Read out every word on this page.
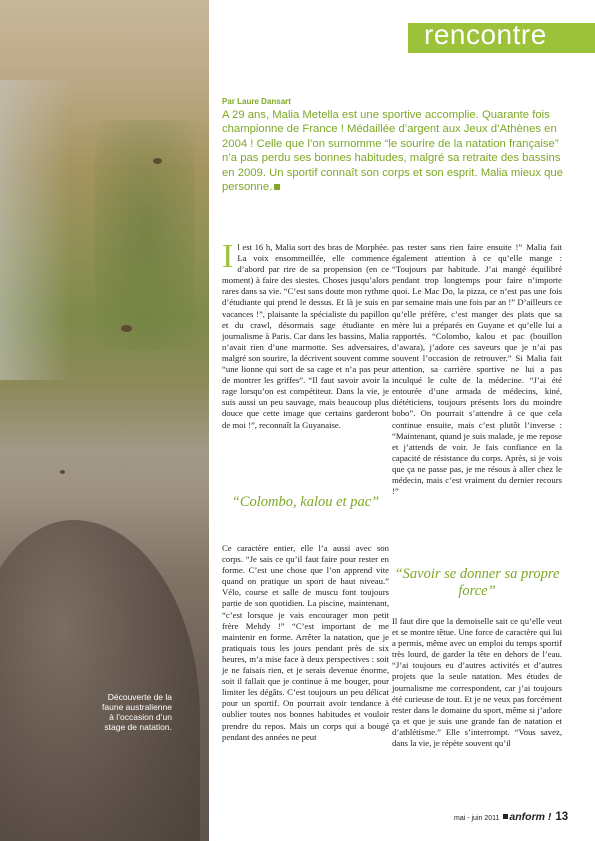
Découverte de la faune australienne à l’occasion d’un stage de natation.
rencontre
Par Laure Dansart

A 29 ans, Malia Metella est une sportive accomplie. Quarante fois championne de France ! Médaillée d’argent aux Jeux d’Athènes en 2004 ! Celle que l’on surnomme “le sourire de la natation française” n’a pas perdu ses bonnes habitudes, malgré sa retraite des bassins en 2009. Un sportif connaît son corps et son esprit. Malia mieux que personne.

Il est 16 h, Malia sort des bras de Morphée. La voix ensommeillée, elle commence d’abord par rire de sa propension (en ce moment) à faire des siestes. Choses jusqu’alors rares dans sa vie. “C’est sans doute mon rythme d’étudiante qui prend le dessus. Et là je suis en vacances !”, plaisante la spécialiste du papillon et du crawl, désormais sage étudiante en journalisme à Paris. Car dans les bassins, Malia n’avait rien d’une marmotte. Ses adversaires, malgré son sourire, la décrivent souvent comme “une lionne qui sort de sa cage et n’a pas peur de montrer les griffes”. “Il faut savoir avoir la rage lorsqu’on est compétiteur. Dans la vie, je suis aussi un peu sauvage, mais beaucoup plus douce que cette image que certains garderont de moi !”, reconnaît la Guyanaise.

“Colombo, kalou et pac”

Ce caractère entier, elle l’a aussi avec son corps. “Je sais ce qu’il faut faire pour rester en forme. C’est une chose que l’on apprend vite quand on pratique un sport de haut niveau.” Vélo, course et salle de muscu font toujours partie de son quotidien. La piscine, maintenant, “c’est lorsque je vais encourager mon petit frère Mehdy !” “C’est important de me maintenir en forme. Arrêter la natation, que je pratiquais tous les jours pendant près de six heures, m’a mise face à deux perspectives : soit je ne faisais rien, et je serais devenue énorme, soit il fallait que je continue à me bouger, pour limiter les dégâts. C’est toujours un peu délicat pour un sportif. On pourrait avoir tendance à oublier toutes nos bonnes habitudes et vouloir prendre du repos. Mais un corps qui a bougé pendant des années ne peut

pas rester sans rien faire ensuite !” Malia fait également attention à ce qu’elle mange : “Toujours par habitude. J’ai mangé équilibré pendant trop longtemps pour faire n’importe quoi. Le Mac Do, la pizza, ce n’est pas une fois par semaine mais une fois par an !” D’ailleurs ce qu’elle préfère, c’est manger des plats que sa mère lui a préparés en Guyane et qu’elle lui a rapportés. “Colombo, kalou et pac (bouillon d’awara), j’adore ces saveurs que je n’ai pas souvent l’occasion de retrouver.” Si Malia fait attention, sa carrière sportive ne lui a pas inculqué le culte de la médecine. “J’ai été entourée d’une armada de médecins, kiné, diététiciens, toujours présents lors du moindre bobo”. On pourrait s’attendre à ce que cela continue ensuite, mais c’est plutôt l’inverse : “Maintenant, quand je suis malade, je me repose et j’attends de voir. Je fais confiance en la capacité de résistance du corps. Après, si je vois que ça ne passe pas, je me résous à aller chez le médecin, mais c’est vraiment du dernier recours !”

“Savoir se donner sa propre force”

Il faut dire que la demoiselle sait ce qu’elle veut et se montre têtue. Une force de caractère qui lui a permis, même avec un emploi du temps sportif très lourd, de garder la tête en dehors de l’eau. “J’ai toujours eu d’autres activités et d’autres projets que la seule natation. Mes études de journalisme me correspondent, car j’ai toujours été curieuse de tout. Et je ne veux pas forcément rester dans le domaine du sport, même si j’adore ça et que je suis une grande fan de natation et d’athlétisme.” Elle s’interrompt. “Vous savez, dans la vie, je répète souvent qu’il

mai - juin 2011 anform ! 13
